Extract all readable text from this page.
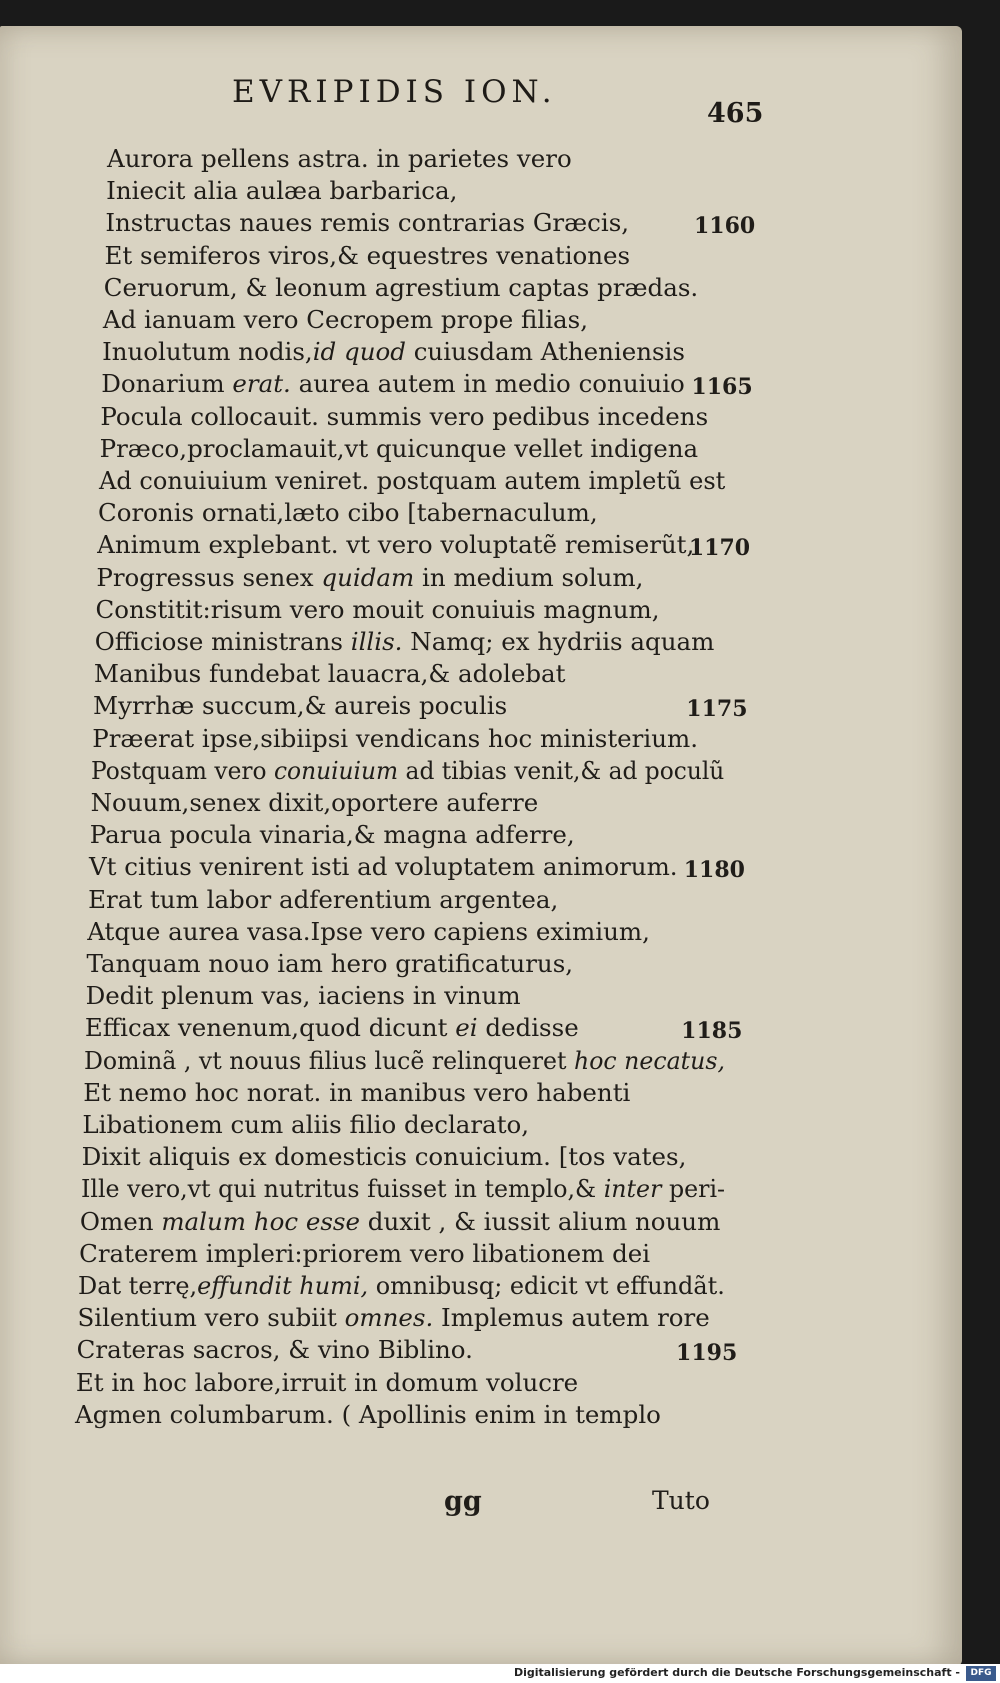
EVRIPIDIS ION.
465
Aurora pellens astra. in parietes vero
Iniecit alia aulæa barbarica,
Instructas naues remis contrarias Græcis,	1160
Et semiferos viros,& equestres venationes
Ceruorum, & leonum agrestium captas prædas.
Ad ianuam vero Cecropem prope filias,
Inuolutum nodis,id quod cuiusdam Atheniensis
Donarium erat. aurea autem in medio conuiuio 1165
Pocula collocauit. summis vero pedibus incedens
Præco,proclamauit,vt quicunque vellet indigena
Ad conuiuium veniret. postquam autem impletũ est
Coronis ornati,læto cibo [tabernaculum,
Animum explebant. vt vero voluptatẽ remiserũt,
1170
Progressus senex quidam in medium solum,
Constitit:risum vero mouit conuiuis magnum,
Officiose ministrans illis. Namq; ex hydriis aquam
Manibus fundebat lauacra,& adolebat
Myrrhæ succum,& aureis poculis	1175
Præerat ipse,sibiipsi vendicans hoc ministerium.
Postquam vero conuiuium ad tibias venit,& ad poculũ
Nouum,senex dixit,oportere auferre
Parua pocula vinaria,& magna adferre,
Vt citius venirent isti ad voluptatem animorum. 1180
Erat tum labor adferentium argentea,
Atque aurea vasa.Ipse vero capiens eximium,
Tanquam nouo iam hero gratificaturus,
Dedit plenum vas, iaciens in vinum
Efficax venenum,quod dicunt ei dedisse	1185
Dominã , vt nouus filius lucẽ relinqueret hoc necatus,
Et nemo hoc norat. in manibus vero habenti
Libationem cum aliis filio declarato,
Dixit aliquis ex domesticis conuicium. [tos vates,
Ille vero,vt qui nutritus fuisset in templo,& inter peri-
Omen malum hoc esse duxit , & iussit alium nouum
Craterem impleri:priorem vero libationem dei
Dat terrę,effundit humi, omnibusq; edicit vt effundãt.
Silentium vero subiit omnes. Implemus autem rore
Crateras sacros, & vino Biblino.	1195
Et in hoc labore,irruit in domum volucre
Agmen columbarum. ( Apollinis enim in templo
gg	Tuto
Digitalisierung gefördert durch die Deutsche Forschungsgemeinschaft -	DFG
